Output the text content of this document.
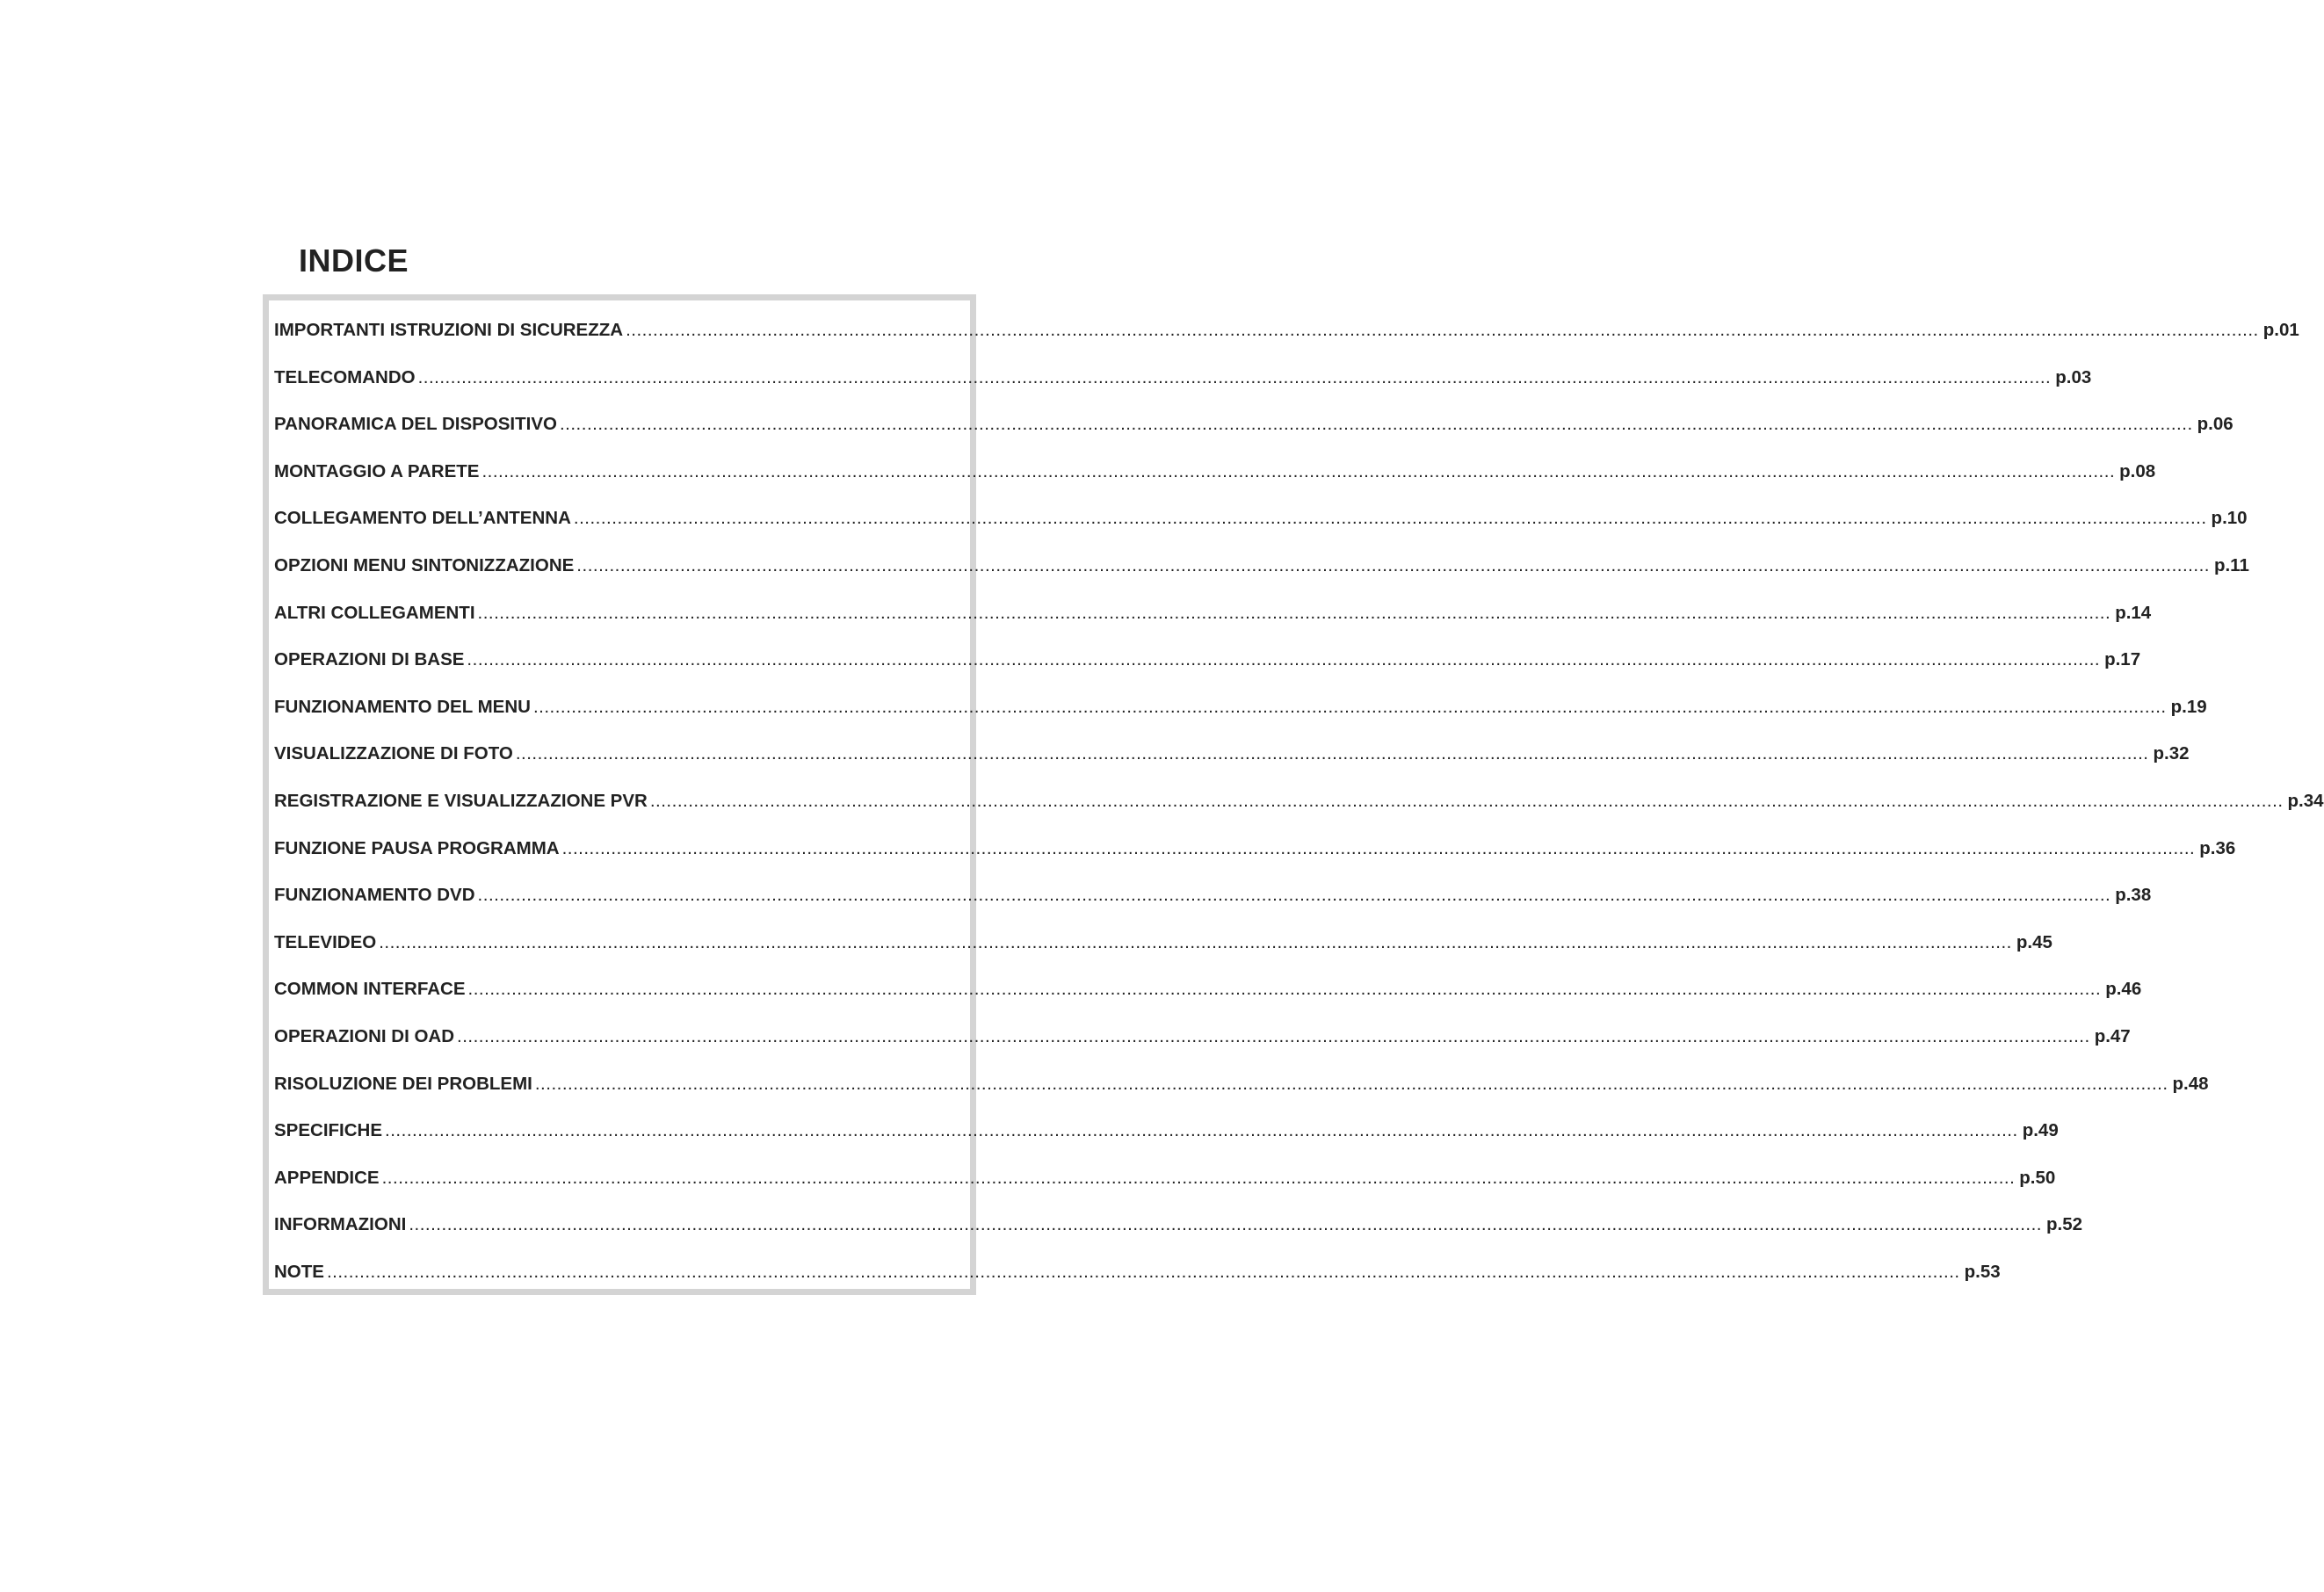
INDICE
IMPORTANTI ISTRUZIONI DI SICUREZZA ............................................................................................................................................................................................................................................................................................................ p.01
TELECOMANDO ............................................................................................................................................................................................................................................................................................................ p.03
PANORAMICA DEL DISPOSITIVO ............................................................................................................................................................................................................................................................................................................ p.06
MONTAGGIO A PARETE ............................................................................................................................................................................................................................................................................................................ p.08
COLLEGAMENTO DELL’ANTENNA ............................................................................................................................................................................................................................................................................................................ p.10
OPZIONI MENU SINTONIZZAZIONE ............................................................................................................................................................................................................................................................................................................ p.11
ALTRI COLLEGAMENTI ............................................................................................................................................................................................................................................................................................................ p.14
OPERAZIONI DI BASE ............................................................................................................................................................................................................................................................................................................ p.17
FUNZIONAMENTO DEL MENU ............................................................................................................................................................................................................................................................................................................ p.19
VISUALIZZAZIONE DI FOTO ............................................................................................................................................................................................................................................................................................................ p.32
REGISTRAZIONE E VISUALIZZAZIONE PVR ............................................................................................................................................................................................................................................................................................................ p.34
FUNZIONE PAUSA PROGRAMMA ............................................................................................................................................................................................................................................................................................................ p.36
FUNZIONAMENTO DVD ............................................................................................................................................................................................................................................................................................................ p.38
TELEVIDEO ............................................................................................................................................................................................................................................................................................................ p.45
COMMON INTERFACE ............................................................................................................................................................................................................................................................................................................ p.46
OPERAZIONI DI OAD ............................................................................................................................................................................................................................................................................................................ p.47
RISOLUZIONE DEI PROBLEMI ............................................................................................................................................................................................................................................................................................................ p.48
SPECIFICHE ............................................................................................................................................................................................................................................................................................................ p.49
APPENDICE ............................................................................................................................................................................................................................................................................................................ p.50
INFORMAZIONI ............................................................................................................................................................................................................................................................................................................ p.52
NOTE ............................................................................................................................................................................................................................................................................................................ p.53
